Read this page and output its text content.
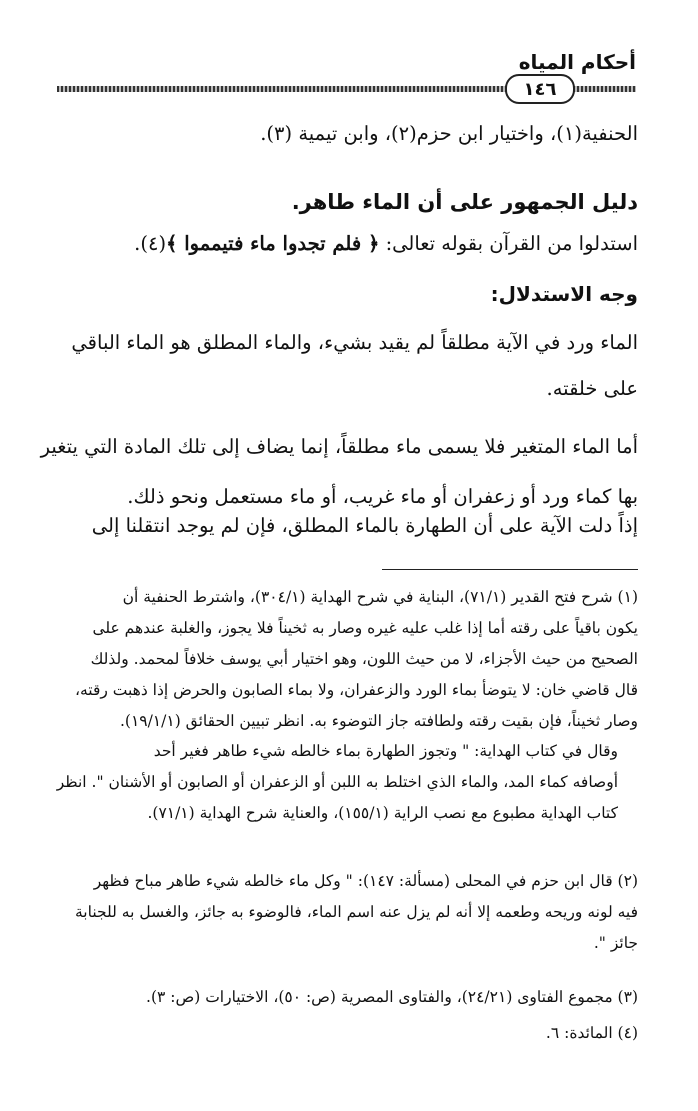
أحكام المياه
١٤٦
الحنفية(١)، واختيار ابن حزم(٢)، وابن تيمية (٣).
دليل الجمهور على أن الماء طاهر.
استدلوا من القرآن بقوله تعالى: ﴿ فلم تجدوا ماء فتيمموا ﴾(٤).
وجه الاستدلال:
الماء ورد في الآية مطلقاً لم يقيد بشيء، والماء المطلق هو الماء الباقي
على خلقته.
أما الماء المتغير فلا يسمى ماء مطلقاً، إنما يضاف إلى تلك المادة التي يتغير
بها كماء ورد أو زعفران أو ماء غريب، أو ماء مستعمل ونحو ذلك.
إذاً دلت الآية على أن الطهارة بالماء المطلق، فإن لم يوجد انتقلنا إلى
(١) شرح فتح القدير (٧١/١)، البناية في شرح الهداية (٣٠٤/١)، واشترط الحنفية أن
يكون باقياً على رقته أما إذا غلب عليه غيره وصار به ثخيناً فلا يجوز، والغلبة عندهم على
الصحيح من حيث الأجزاء، لا من حيث اللون، وهو اختيار أبي يوسف خلافاً لمحمد. ولذلك
قال قاضي خان: لا يتوضأ بماء الورد والزعفران، ولا بماء الصابون والحرض إذا ذهبت رقته،
وصار ثخيناً، فإن بقيت رقته ولطافته جاز التوضوء به. انظر تبيين الحقائق (١٩/١/١).
وقال في كتاب الهداية: " وتجوز الطهارة بماء خالطه شيء طاهر فغير أحد
أوصافه كماء المد، والماء الذي اختلط به اللبن أو الزعفران أو الصابون أو الأشنان ". انظر
كتاب الهداية مطبوع مع نصب الراية (١٥٥/١)، والعناية شرح الهداية (٧١/١).
(٢) قال ابن حزم في المحلى (مسألة: ١٤٧): " وكل ماء خالطه شيء طاهر مباح فظهر
فيه لونه وريحه وطعمه إلا أنه لم يزل عنه اسم الماء، فالوضوء به جائز، والغسل به للجنابة
جائز ".
(٣) مجموع الفتاوى (٢٤/٢١)، والفتاوى المصرية (ص: ٥٠)، الاختيارات (ص: ٣).
(٤) المائدة: ٦.
